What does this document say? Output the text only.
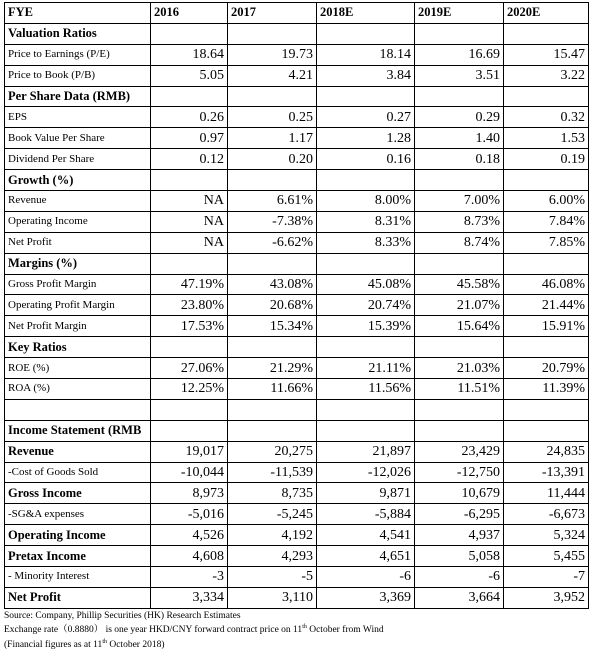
FYE	2016	2017	2018E	2019E	2020E
Valuation Ratios					
Price to Earnings (P/E)	18.64	19.73	18.14	16.69	15.47
Price to Book (P/B)	5.05	4.21	3.84	3.51	3.22
Per Share Data (RMB)					
EPS	0.26	0.25	0.27	0.29	0.32
Book Value Per Share	0.97	1.17	1.28	1.40	1.53
Dividend Per Share	0.12	0.20	0.16	0.18	0.19
Growth (%)					
Revenue	NA	6.61%	8.00%	7.00%	6.00%
Operating Income	NA	-7.38%	8.31%	8.73%	7.84%
Net Profit	NA	-6.62%	8.33%	8.74%	7.85%
Margins (%)					
Gross Profit Margin	47.19%	43.08%	45.08%	45.58%	46.08%
Operating Profit Margin	23.80%	20.68%	20.74%	21.07%	21.44%
Net Profit Margin	17.53%	15.34%	15.39%	15.64%	15.91%
Key Ratios					
ROE (%)	27.06%	21.29%	21.11%	21.03%	20.79%
ROA (%)	12.25%	11.66%	11.56%	11.51%	11.39%

Income Statement (RMB					
Revenue	19,017	20,275	21,897	23,429	24,835
-Cost of Goods Sold	-10,044	-11,539	-12,026	-12,750	-13,391
Gross Income	8,973	8,735	9,871	10,679	11,444
-SG&A expenses	-5,016	-5,245	-5,884	-6,295	-6,673
Operating Income	4,526	4,192	4,541	4,937	5,324
Pretax Income	4,608	4,293	4,651	5,058	5,455
- Minority Interest	-3	-5	-6	-6	-7
Net Profit	3,334	3,110	3,369	3,664	3,952
Source: Company, Phillip Securities (HK) Research Estimates
Exchange rate（0.8880） is one year HKD/CNY forward contract price on 11th October from Wind
(Financial figures as at 11th October 2018)
